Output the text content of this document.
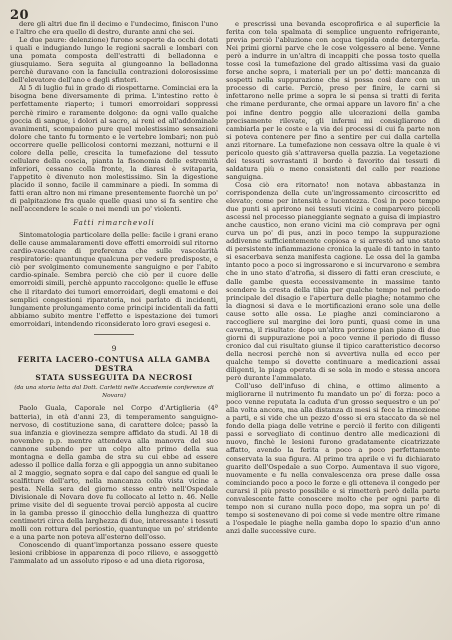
20

dere gli altri due fin il decimo e l'undecimo, finiscon l'uno e l'altro che era quello di destro, durante anni che sei.

Le due paure: delenzione) furono scoperte da occhi dotati i quali e indugiando lungo le regioni sacrali e lombari con una pomata composta dell'estratti di belladonna e giusquiamo. Sera seguita al giungoanno la belladonna perchè duravano con la fanciulla contrazioni dolorosissime dell'elevatore dell'ano e degli sfinteri.

Al 5 di luglio fui in grado di riospettarne. Cominciai era la bisogna bene diversamente di prima. L'intestino retto è perfettamente riaperto; i tumori emorroidari soppressi perchè rimiro e raramente dolgono: da ogni vallo qualche goccia di sangue, i dolori al sacro, ai reni ed all'addominale avanimenti, scompaiono pure quel molestissimo sensazioni dolore che tanto fu tormento e le vertebre lombari; non può occorrere quelle pellicolosi contorni mezzani, notturni e il colore della pelle, crescita la tumefazione del tessuto cellulare della coscia, pianta la fisonomia delle estremità inferiori, cessano colla fronte, la diaresi è svitaparia, l'appetito è divenuto non molestissimo. Sin la digestione placido il sonno, facile il camminare a piedi. In somma di fatti eran altro non mi rimane presentemente fuorchè un po' di palpitazione fra quale quelle quasi uno si fa sentire che nell'accendere le scale o nei mendi un po' violenti.

Fatti rimarchevoli

Sintomatologia particolare della pelle: facile i grani erano delle cause ammalaramenti dove effetti emorroidi sul ritorno cardio-vascolare di preferenza che sulle vascolarità respiratorie: quantunque qualcuna per vedere predisposte, e ciò per svolgimento comunemente sanguigno e per l'abito cardio-spinale. Sembra perciò che ciò per il cuore delle emorroidi simili, perchè appunto raccolgono: quelle le effuse che il ritardato dei tumori emorroidari, degli ematomi e dei semplici congestioni riparatoria, noi parlato di incidenti, lungamente prolungamento come principi incidentali da fatti abbiamo subito mentre l'effetto e ispestazione dei tumori emorroidari, intendendo riconsiderato loro gravi esegesi e.

9

FERITA LACERO-CONTUSA ALLA GAMBA DESTRA

STATA SUSSEGUITA DA NECROSI

(da una storia letta dal Dott. Carletti nelle Accademie conferenze di Novara)

Paolo Guala, Caporale nel Corpo d'Artiglieria (4ª batteria), in età d'anni 23, di temperamento sanguigno-nervoso, di costituzione sana, di carattere dolce; passò la sua infanzia e giovinezza sempre affidato da studi. Al 18 di novembre p.p. mentre attendeva alla manovra del suo cannone subendo per un colpo alto primo della sua montagna e della gamba de stra su cui ebbe ad essere adesso il pollice dalla forza e gli appoggia un anno subitaneo al 2 maggio, segnato sopra e dal capo del sangue ed quali le scalfitture dell'arto, nella mancanza colla vista vicine a pesta. Nella sera del giorno stesso entrò nell'Ospedale Divisionale di Novara dove fu collocato al letto n. 46. Nelle prime visite del dì seguente trovai perciò apposta al cucire in la gamba presso il ginocchio della lunghezza di quattro centimetri circa della larghezza di due, interessante i tessuti molli con rottura del periostio, quantunque un po' stridente e a una parte non poteva all'esterno dell'osso.

Conoscendo di quant'importanza possano essere queste lesioni cribbiose in apparenza di poco rilievo, e assoggettò l'ammalato ad un assoluto riposo e ad una dieta rigorosa,

e prescrissi una bevanda escoprofirica e al superficie la ferita con tela spalmata di semplice unguento refrigerante, previa perciò l'abluzione con acqua tiepida onde detergerla. Nei primi giorni parve che le cose volgessero al bene. Venne però a indurre in un'altra di incappiti che possa tosto quella tosse così la tumefazione del grado altissima vasi da guaio forse anche sopra, i materiali per un po' detti: mancanza di sospetti nella suppurazione che si possa così dare con un processo di carie. Perciò, preso per finire, le carni si infettarono nelle prime a sopra le si pensa si tratti di ferita che rimane perdurante, che ormai appare un lavoro fin' a che poi infine dentro poggio alle ulcerazioni della gamba precisamente rilevate, gli infermi mi consigliarono di cambiarla per le coste e la via dei processi di cui fa parte non si poteva contenere per fino a sentire per cui dalla cartella anzi ritornare. La tumefazione non cessava oltre la quale è vi pericolo questo già s'attraversa quella pazzia. La vegetazione dei tessuti sovrastanti il bordo è favorito dai tessuti di saldatura più o meno consistenti del callo per reazione sanguigna.

Cosa ciò era ritornato! non notava abbastanza in corrispondenza della cute un'ingrossamento circoscritto ed elevato; come per intensità e lucentezza. Così in poco tempo due punti si aprirono nei tessuti vicini e comparvero piccoli ascessi nel processo pianeggiante segnato a guisa di impiastro anche caustico, non erano vicini ma ciò comprava per ogni curva un po' di pus, anzi in poco tempo la suppurazione addivenne sufficientemente copiosa e si arrestò ad uno stato di persistente infiammazione cronica la quale di tanto in tanto si esacerbava senza manifesta cagione. Le ossa del la gamba intanto poco a poco si ingrossarono e si incurvarono e sembra che in uno stato d'atrofia, si dissero di fatti eran cresciute, e dalle gambe questa eccessivamente in massime tanto scendere la cresta della tibia per qualche tempo nel periodo principale del disagio e l'apertura delle piaghe; notammo che la diagnosi si dava e le mortificazioni erano sole una delle cause sotto alle ossa. Le piaghe anzi cominciarono a raccogliere sul margine dei loro punti, quasi come in una caverna, il risultato: dopo un'altra porzione pian piano di due giorni di suppurazione poi a poco venne il periodo di flusso cronico dal cui risultato giunse il tipico caratteristico decorso della necrosi perchè non si avvertiva nulla ed ecco per qualche tempo si dovette continuare a medicazioni assai diligenti, la piaga operata di se sola in modo e stessa ancora però durante l'ammalato.

Coll'uso dell'infuso di china, e ottimo alimento a migliorarne il nutrimento fu mandato un po' di forza: poco a poco venne reputata la caduta d'un grosso sequestro e un po' alla volta ancora, ma alla distanza di mesi si fece la rimozione a parti, e si vide che un pezzo d'osso si era staccato da sè nel fondo della piaga delle vetrine e perciò il ferito con diligenti passi e sorvegliato di continuo dentro alle medicazioni di nuovo, finchè le lesioni furono gradatamente cicatrizzate affatto, avendo la ferita a poco a poco perfettamente conservata la sua figura. Al primo tra aprile e vi fu dichiarato guarito dell'Ospedale a suo Corpo. Aumentava il suo vigore, nuovamente e fu nella convalescenza ora prese dalle ossa cominciando poco a poco le forze e gli otteneva il congedo per curarsi il più presto possibile e si rimetterà però della parte convalescente fatte conoscere molto che per ogni parte di tempo non si curano nulla poco dopo, ma sopra un po' di tempo si sostenevano di poi come si vede mentre oltre rimane a l'ospedale le piaghe nella gamba dopo lo spazio d'un anno anzi dalle successive cure.
